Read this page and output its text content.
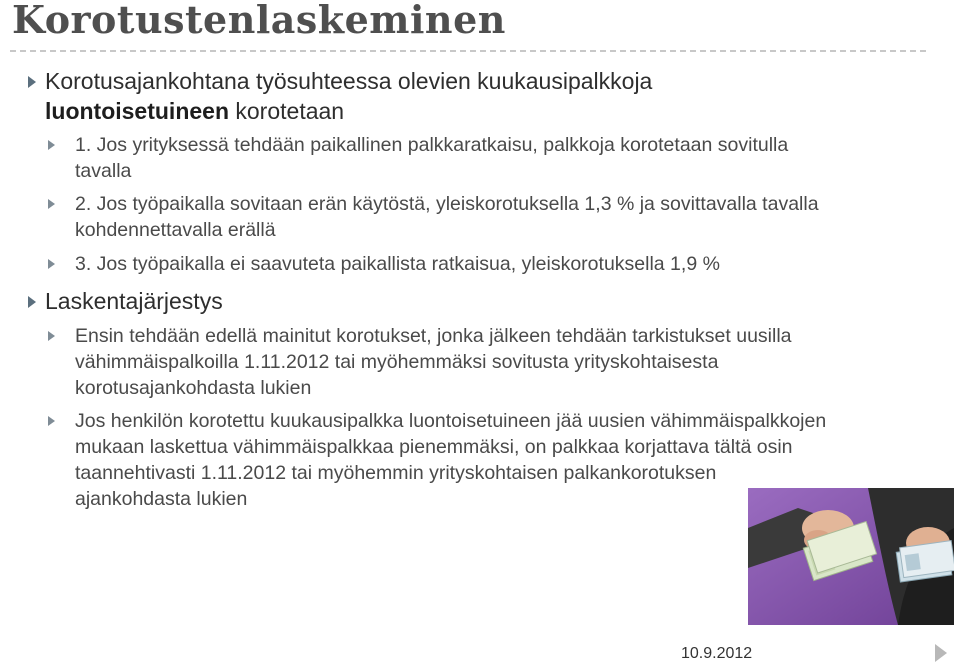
Korotustenlaskeminen
Korotusajankohtana työsuhteessa olevien kuukausipalkkoja
luontoisetuineen korotetaan
1. Jos yrityksessä tehdään paikallinen palkkaratkaisu, palkkoja korotetaan sovitulla
tavalla
2. Jos työpaikalla sovitaan erän käytöstä, yleiskorotuksella 1,3 % ja sovittavalla tavalla
kohdennettavalla erällä
3. Jos työpaikalla ei saavuteta paikallista ratkaisua, yleiskorotuksella 1,9 %
Laskentajärjestys
Ensin tehdään edellä mainitut korotukset, jonka jälkeen tehdään tarkistukset uusilla
vähimmäispalkoilla 1.11.2012 tai myöhemmäksi sovitusta yrityskohtaisesta
korotusajankohdasta lukien
Jos henkilön korotettu kuukausipalkka luontoisetuineen jää uusien vähimmäispalkkojen
mukaan laskettua vähimmäispalkkaa pienemmäksi, on palkkaa korjattava tältä osin
taannehtivasti 1.11.2012 tai myöhemmin yrityskohtaisen palkankorotuksen
ajankohdasta lukien
10.9.2012
